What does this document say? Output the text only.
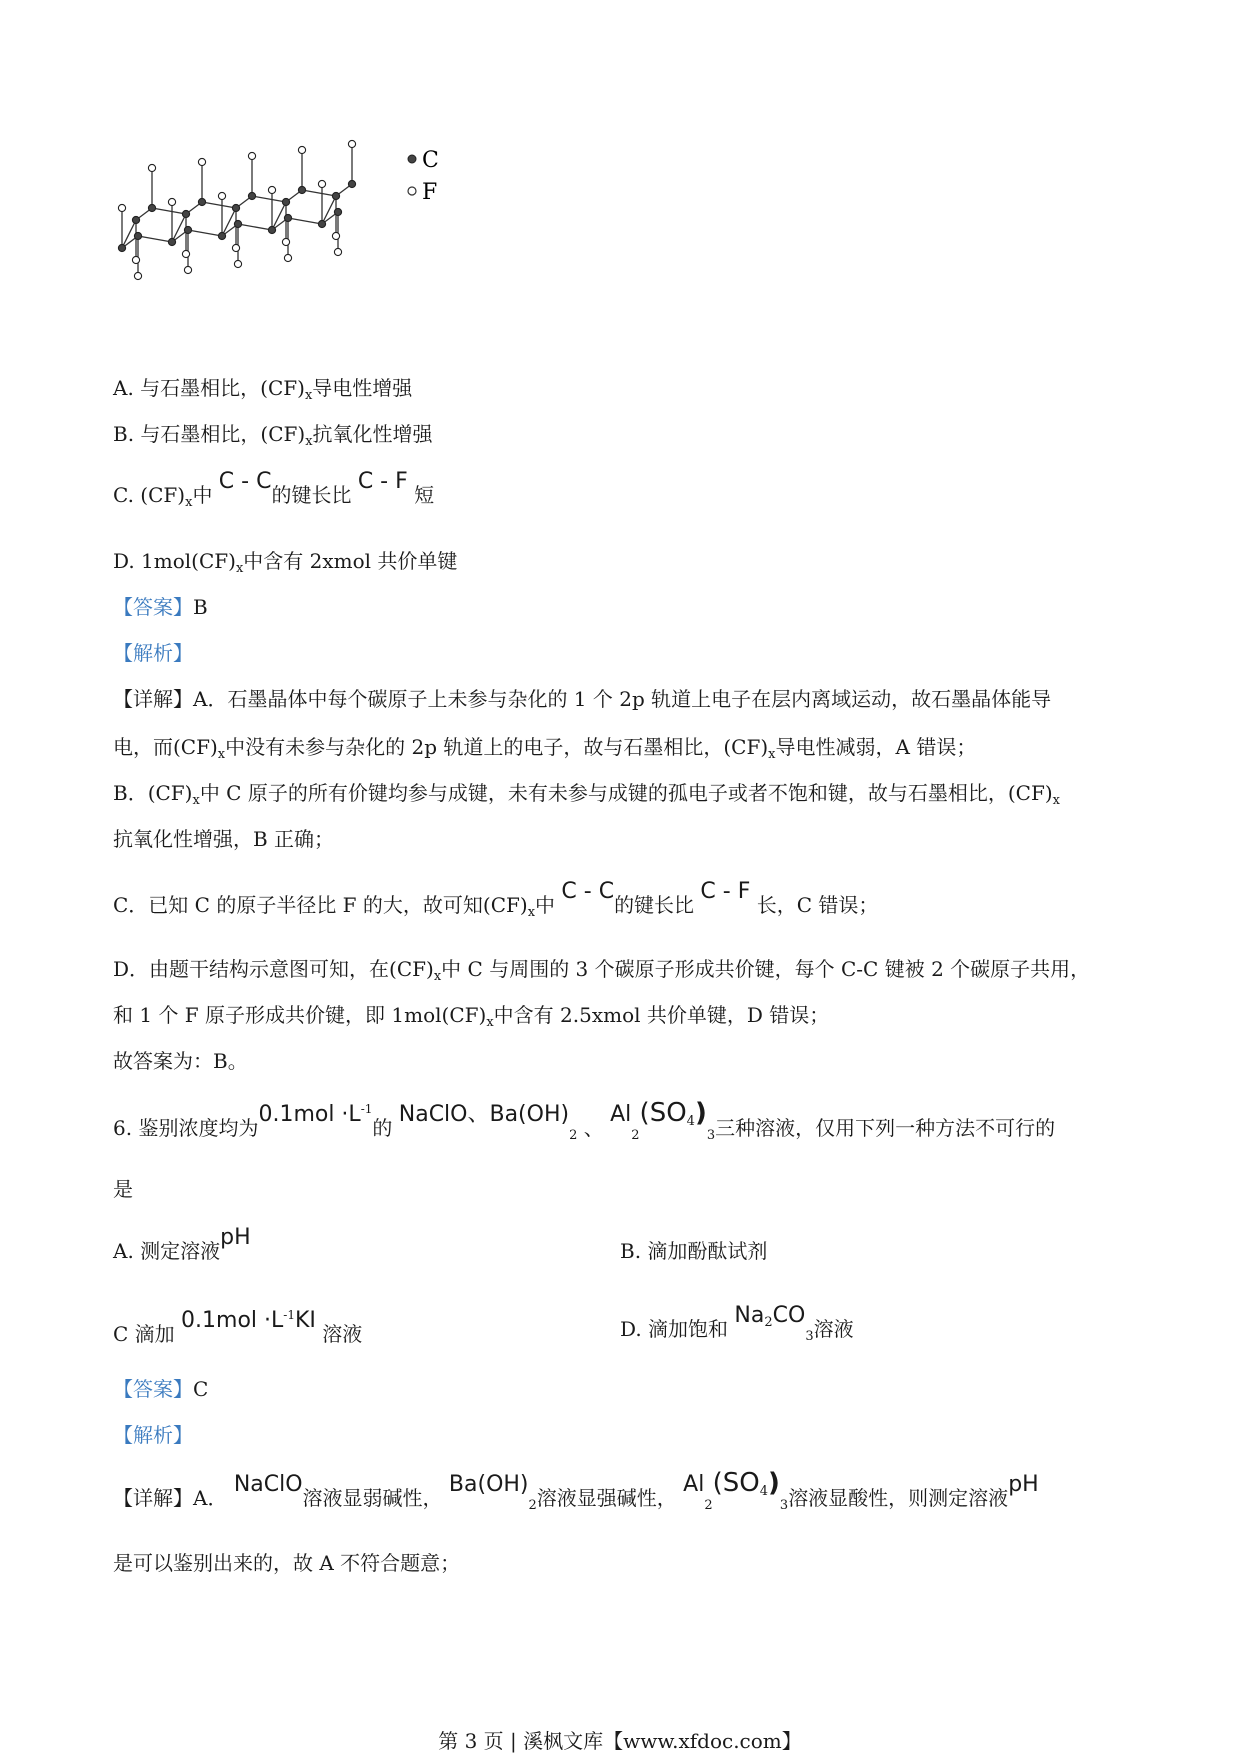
C
F
A. 与石墨相比，$(CF)_x$导电性增强
B. 与石墨相比，$(CF)_x$抗氧化性增强
C. $(CF)_x$中 C - C的键长比 C - F 短
D. $1mol(CF)_x$中含有 2xmol 共价单键
【答案】B
【解析】
【详解】A．石墨晶体中每个碳原子上未参与杂化的 1 个 2p 轨道上电子在层内离域运动，故石墨晶体能导
电，而$(CF)_x$中没有未参与杂化的 2p 轨道上的电子，故与石墨相比，$(CF)_x$导电性减弱，A 错误；
B．$(CF)_x$中 C 原子的所有价键均参与成键，未有未参与成键的孤电子或者不饱和键，故与石墨相比，$(CF)_x$
抗氧化性增强，B 正确；
C．已知 C 的原子半径比 F 的大，故可知$(CF)_x$中 C - C的键长比 C - F 长，C 错误；
D．由题干结构示意图可知，在$(CF)_x$中 C 与周围的 3 个碳原子形成共价键，每个 C-C 键被 2 个碳原子共用，
和 1 个 F 原子形成共价键，即 $1mol(CF)_x$中含有 2.5xmol 共价单键，D 错误；
故答案为：B。
6. 鉴别浓度均为$0.1mol \cdot L^{-1}$的 NaClO、$Ba(OH)_2$ 、 $Al_2(SO^4)_3$三种溶液，仅用下列一种方法不可行的
是
A. 测定溶液pH
B. 滴加酚酞试剂
C 滴加 $0.1mol \cdot L^{-1}KI$ 溶液	D. 滴加饱和 $Na^2CO_3$溶液
【答案】C
【解析】
【详解】A． NaClO溶液显弱碱性， $Ba(OH)_2$溶液显强碱性， $Al_2(SO^4)_3$溶液显酸性，则测定溶液pH
是可以鉴别出来的，故 A 不符合题意；
第 3 页 | 溪枫文库【www.xfdoc.com】
